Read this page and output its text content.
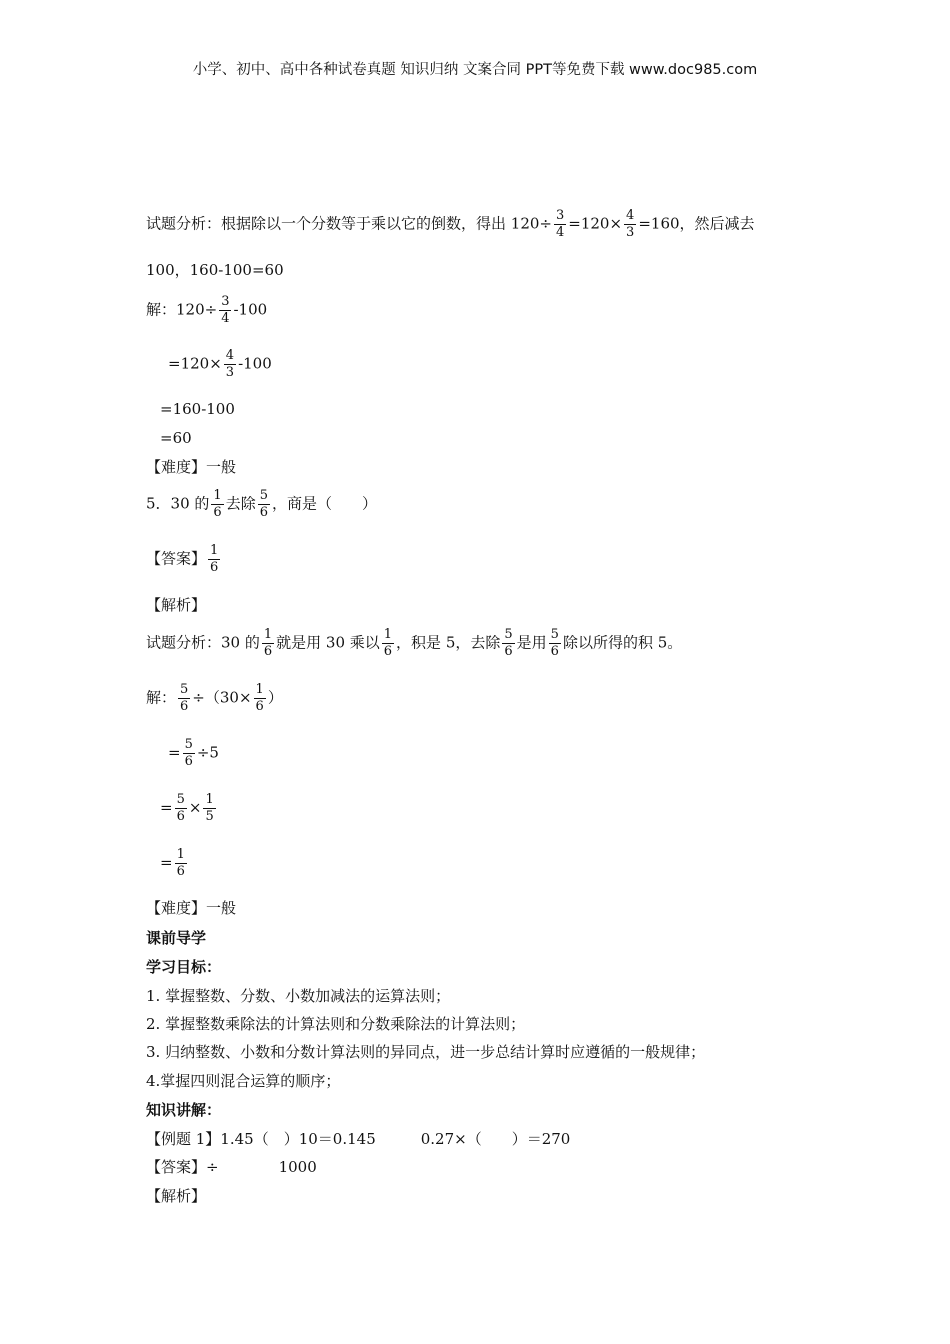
小学、初中、高中各种试卷真题 知识归纳 文案合同 PPT等免费下载 www.doc985.com
试题分析：根据除以一个分数等于乘以它的倒数，得出 $120\div \frac{3}{4} =120\times \frac{4}{3} =160$，然后减去
100，160-100=60
解：$120\div \frac{3}{4} -100$
$=120\times \frac{4}{3} -100$
=160-100
=60
【难度】一般
5．30 的 $\frac{1}{6}$ 去除 $\frac{5}{6}$ ，商是（　　）
【答案】 $\frac{1}{6}$
【解析】
试题分析：30 的 $\frac{1}{6}$ 就是用 30 乘以 $\frac{1}{6}$ ，积是 5，去除 $\frac{5}{6}$ 是用 $\frac{5}{6}$ 除以所得的积 5。
解： $\frac{5}{6} \div(30\times \frac{1}{6}$ ）
= $\frac{5}{6} \div 5$
= $\frac{5}{6} \times \frac{1}{5}$
= $\frac{1}{6}$
【难度】一般
课前导学
学习目标：
1. 掌握整数、分数、小数加减法的运算法则；
2. 掌握整数乘除法的计算法则和分数乘除法的计算法则；
3. 归纳整数、小数和分数计算法则的异同点，进一步总结计算时应遵循的一般规律；
4.掌握四则混合运算的顺序；
知识讲解：
【例题 1】1.45（　）10＝0.145　　　0.27×（　　）＝270
【答案】÷　　　　1000
【解析】
